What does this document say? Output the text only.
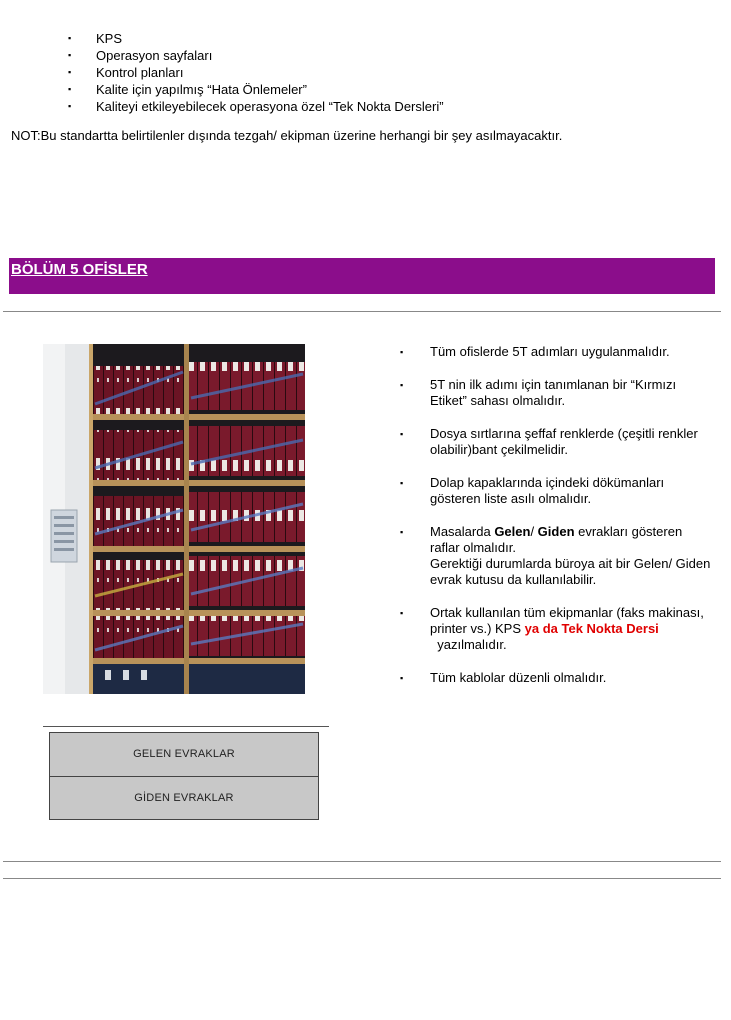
▪ KPS
▪ Operasyon sayfaları
▪ Kontrol planları
▪ Kalite için yapılmış “Hata Önlemeler”
▪ Kaliteyi etkileyebilecek operasyona özel “Tek Nokta Dersleri”
NOT:Bu standartta belirtilenler dışında tezgah/ ekipman üzerine herhangi bir şey asılmayacaktır.
BÖLÜM 5 OFİSLER
GELEN EVRAKLAR
GİDEN EVRAKLAR
▪ Tüm ofislerde 5T adımları uygulanmalıdır.
▪ 5T nin ilk adımı için tanımlanan bir “Kırmızı Etiket” sahası olmalıdır.
▪ Dosya sırtlarına şeffaf renklerde (çeşitli renkler olabilir)bant çekilmelidir.
▪ Dolap kapaklarında içindeki dökümanları gösteren liste asılı olmalıdır.
▪ Masalarda Gelen/ Giden evrakları gösteren raflar olmalıdır.
Gerektiği durumlarda büroya ait bir Gelen/ Giden evrak kutusu da kullanılabilir.
▪ Ortak kullanılan tüm ekipmanlar (faks makinası, printer vs.) KPS ya da Tek Nokta Dersi  yazılmalıdır.
▪ Tüm kablolar düzenli olmalıdır.
